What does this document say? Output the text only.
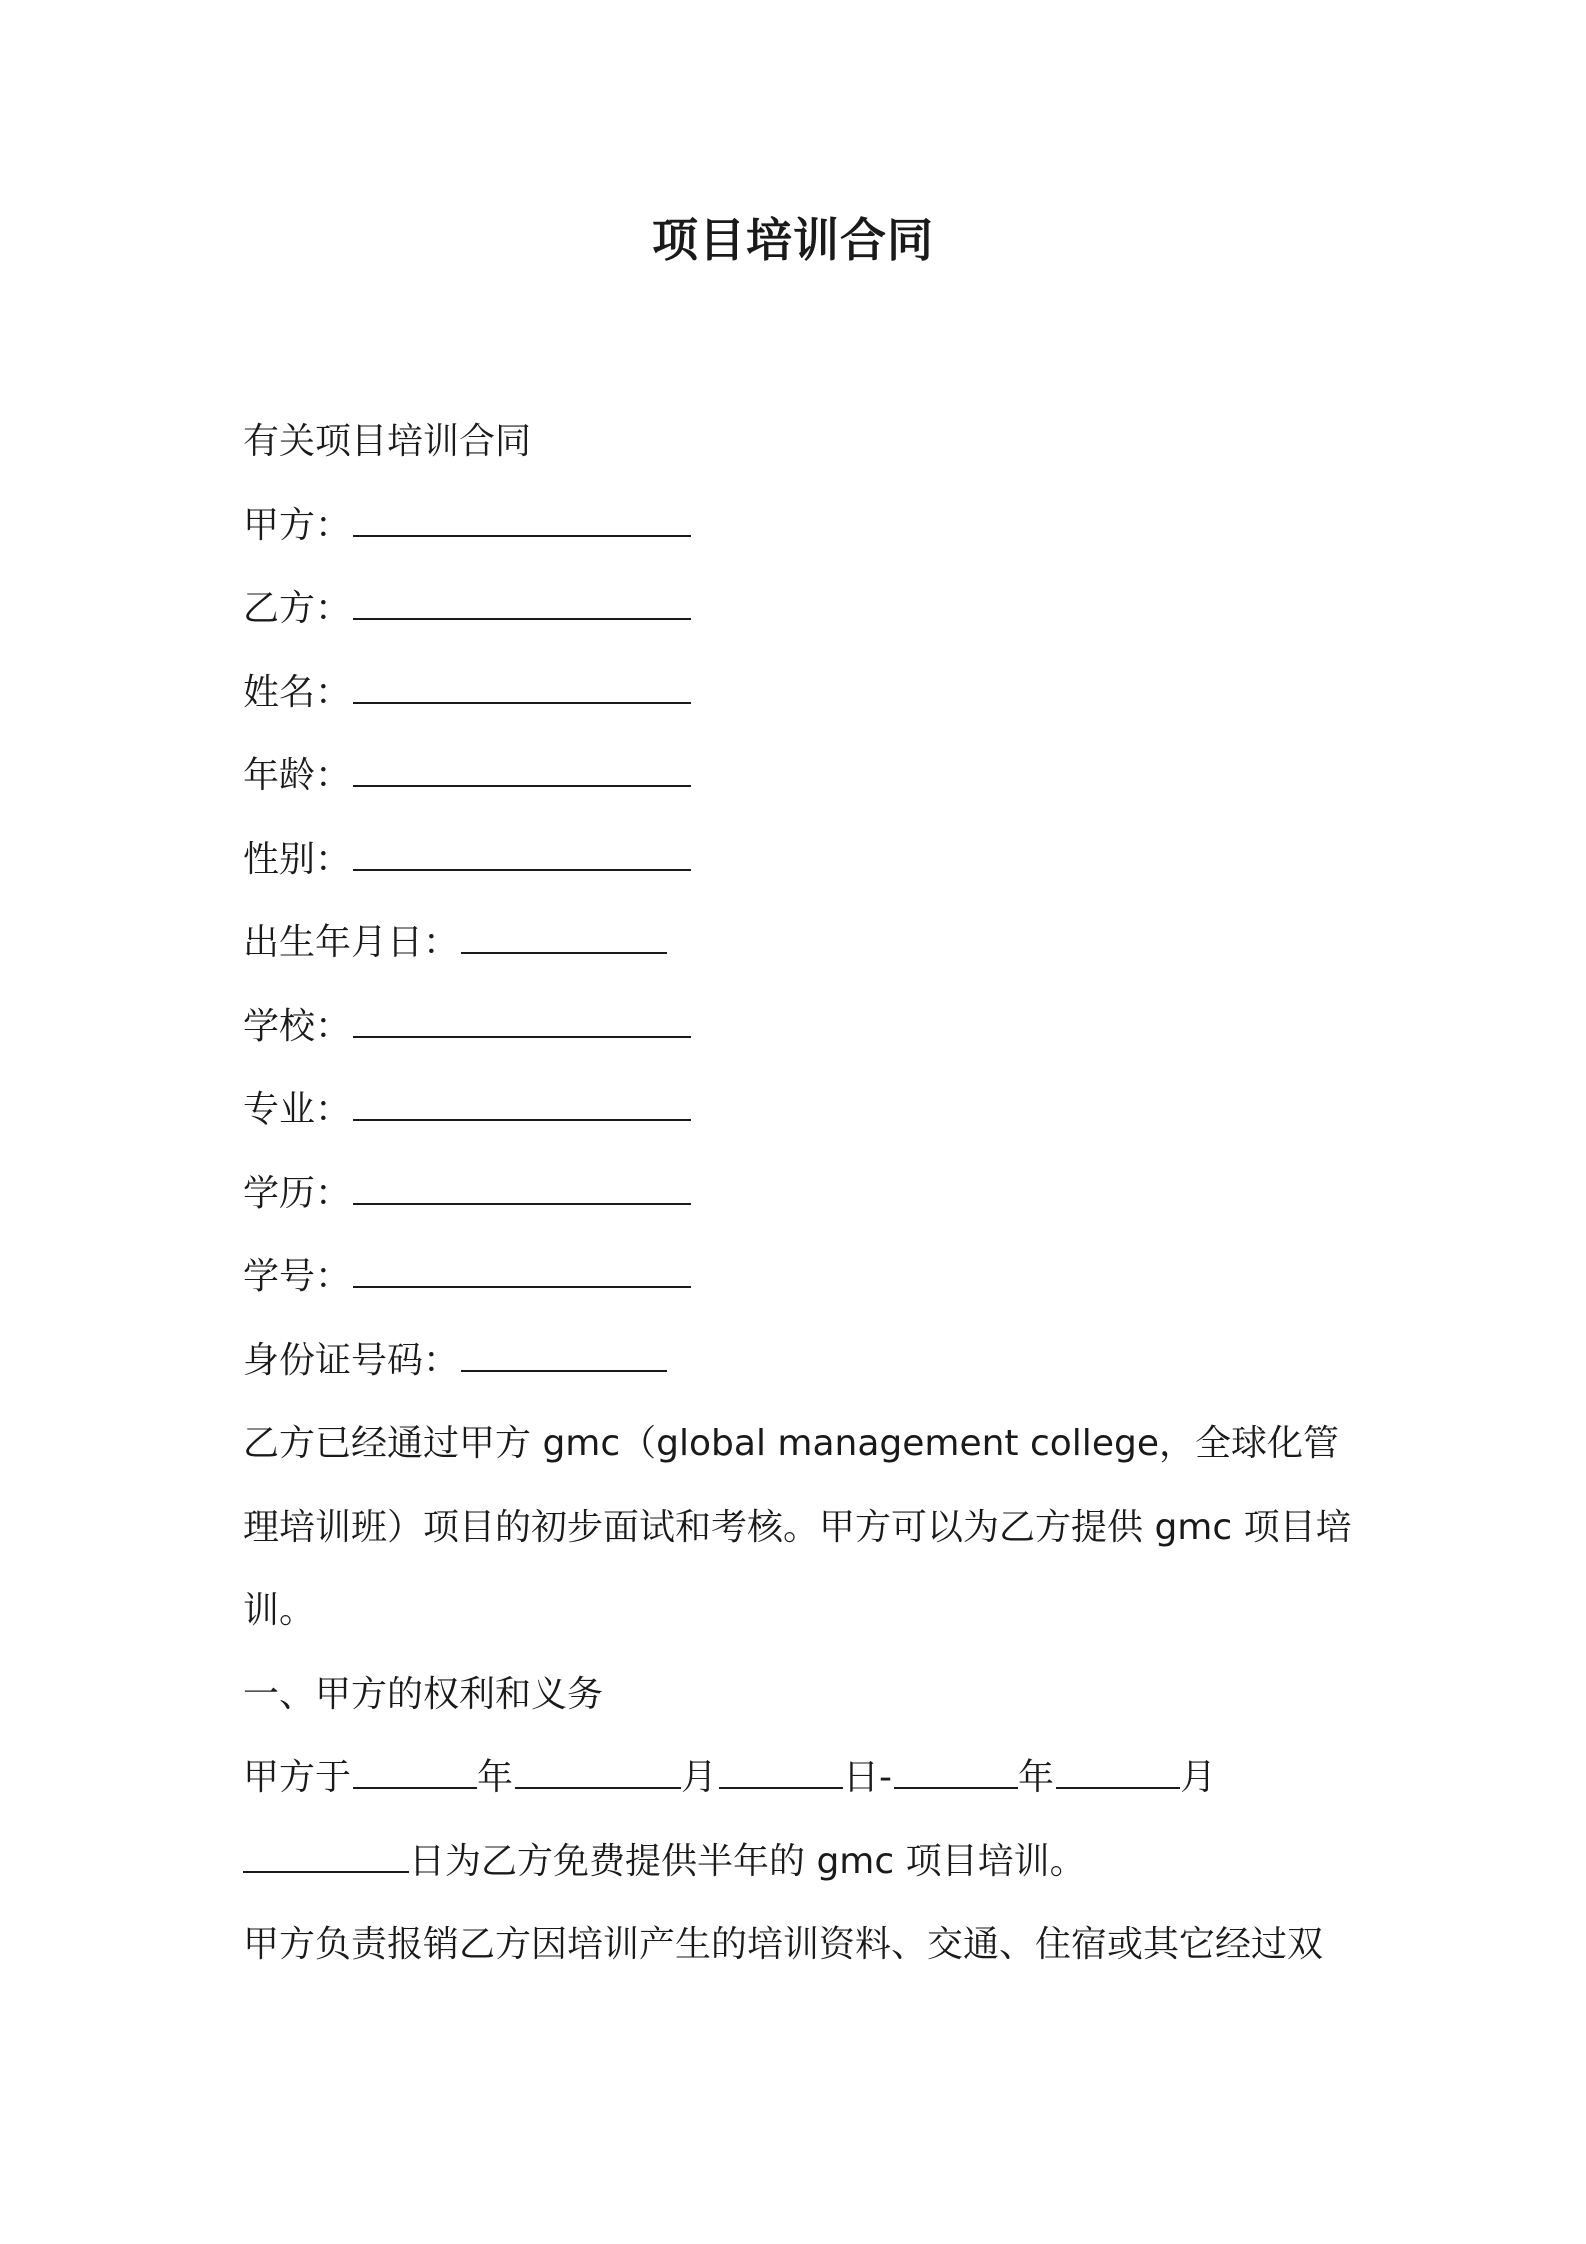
项目培训合同
有关项目培训合同
甲方：
乙方：
姓名：
年龄：
性别：
出生年月日：
学校：
专业：
学历：
学号：
身份证号码：
乙方已经通过甲方 gmc（global management college，全球化管理培训班）项目的初步面试和考核。甲方可以为乙方提供 gmc 项目培训。
一、甲方的权利和义务
甲方于	年	月	日-	年	月
日为乙方免费提供半年的 gmc 项目培训。
甲方负责报销乙方因培训产生的培训资料、交通、住宿或其它经过双
